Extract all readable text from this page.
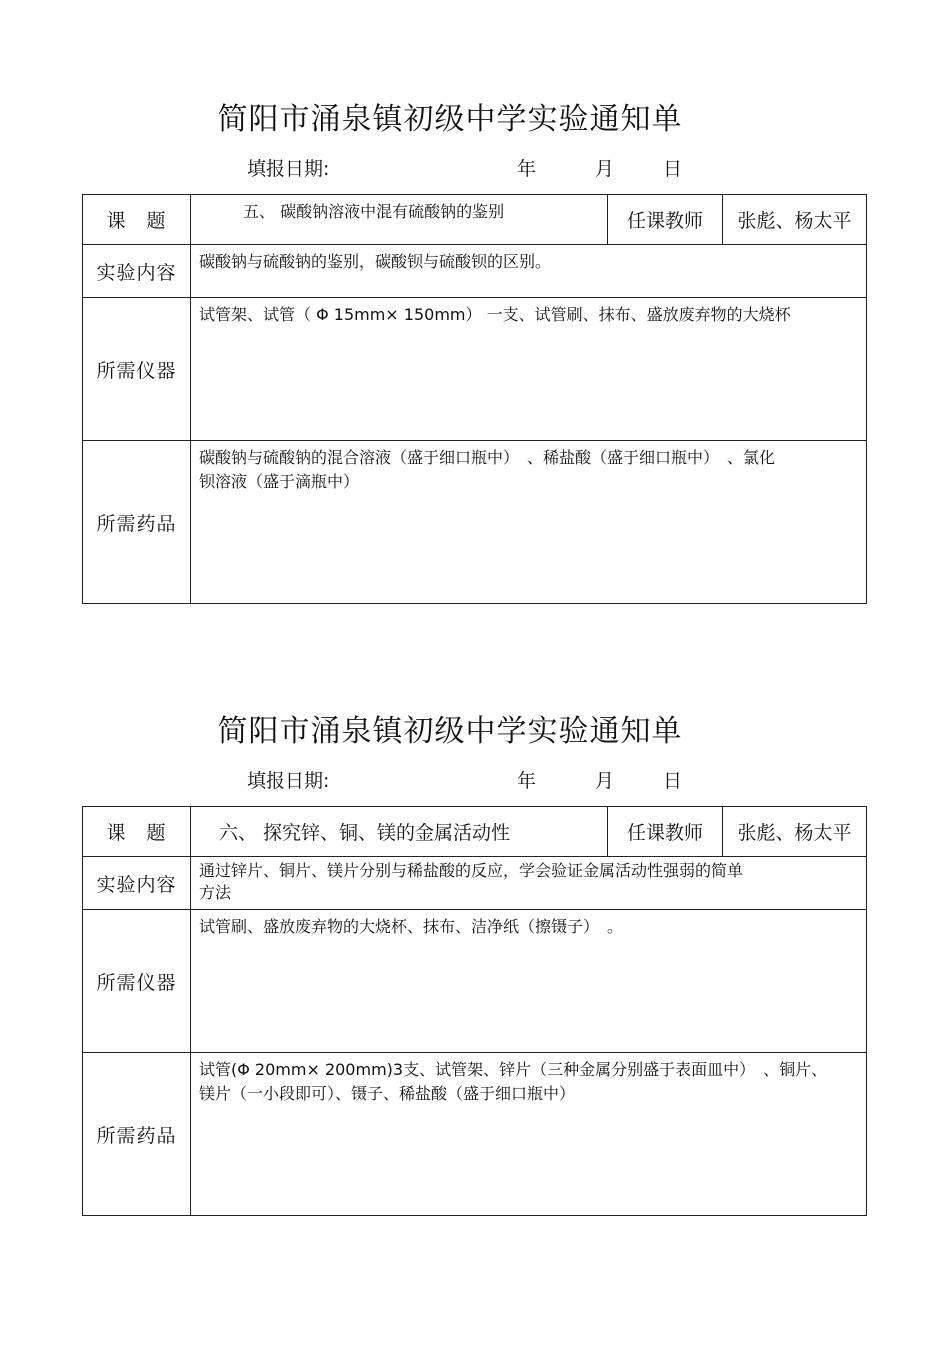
简阳市涌泉镇初级中学实验通知单
填报日期:	年	月	日
课　题	五、 碳酸钠溶液中混有硫酸钠的鉴别	任课教师	张彪、杨太平
实验内容	碳酸钠与硫酸钠的鉴别，碳酸钡与硫酸钡的区别。		
所需仪器	试管架、试管（ Φ 15mm× 150mm） 一支、试管刷、抹布、盛放废弃物的大烧杯		
所需药品	碳酸钠与硫酸钠的混合溶液（盛于细口瓶中）　、稀盐酸（盛于细口瓶中）　、氯化
钡溶液（盛于滴瓶中）		
简阳市涌泉镇初级中学实验通知单
填报日期:	年	月	日
课　题	六、 探究锌、铜、镁的金属活动性	任课教师	张彪、杨太平
实验内容	通过锌片、铜片、镁片分别与稀盐酸的反应，学会验证金属活动性强弱的简单
方法		

所需仪器	试管刷、盛放废弃物的大烧杯、抹布、洁净纸（擦镊子）　。		
所需药品	试管(Φ 20mm× 200mm)3支、试管架、锌片（三种金属分别盛于表面皿中）　、铜片、
镁片（一小段即可）、镊子、稀盐酸（盛于细口瓶中）		
